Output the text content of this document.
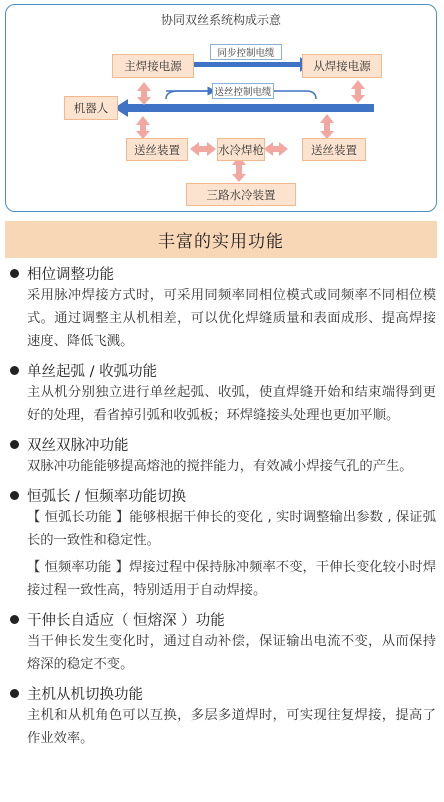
协同双丝系统构成示意
主焊接电源
同步控制电缆
从焊接电源
送丝控制电缆
机器人
送丝装置	水冷焊枪	送丝装置
三路水冷装置
丰富的实用功能
相位调整功能
采用脉冲焊接方式时，可采用同频率同相位模式或同频率不同相位模式。通过调整主从机相差，可以优化焊缝质量和表面成形、提高焊接速度、降低飞溅。
单丝起弧 / 收弧功能
主从机分别独立进行单丝起弧、收弧，使直焊缝开始和结束端得到更好的处理，看省掉引弧和收弧板；环焊缝接头处理也更加平顺。
双丝双脉冲功能
双脉冲功能能够提高熔池的搅拌能力，有效减小焊接气孔的产生。
恒弧长 / 恒频率功能切换
【 恒弧长功能 】能够根据干伸长的变化 , 实时调整输出参数 , 保证弧长的一致性和稳定性。
【 恒频率功能 】焊接过程中保持脉冲频率不变，干伸长变化较小时焊接过程一致性高，特别适用于自动焊接。
干伸长自适应（ 恒熔深 ）功能
当干伸长发生变化时，通过自动补偿，保证输出电流不变，从而保持熔深的稳定不变。
主机从机切换功能
主机和从机角色可以互换，多层多道焊时，可实现往复焊接，提高了作业效率。
